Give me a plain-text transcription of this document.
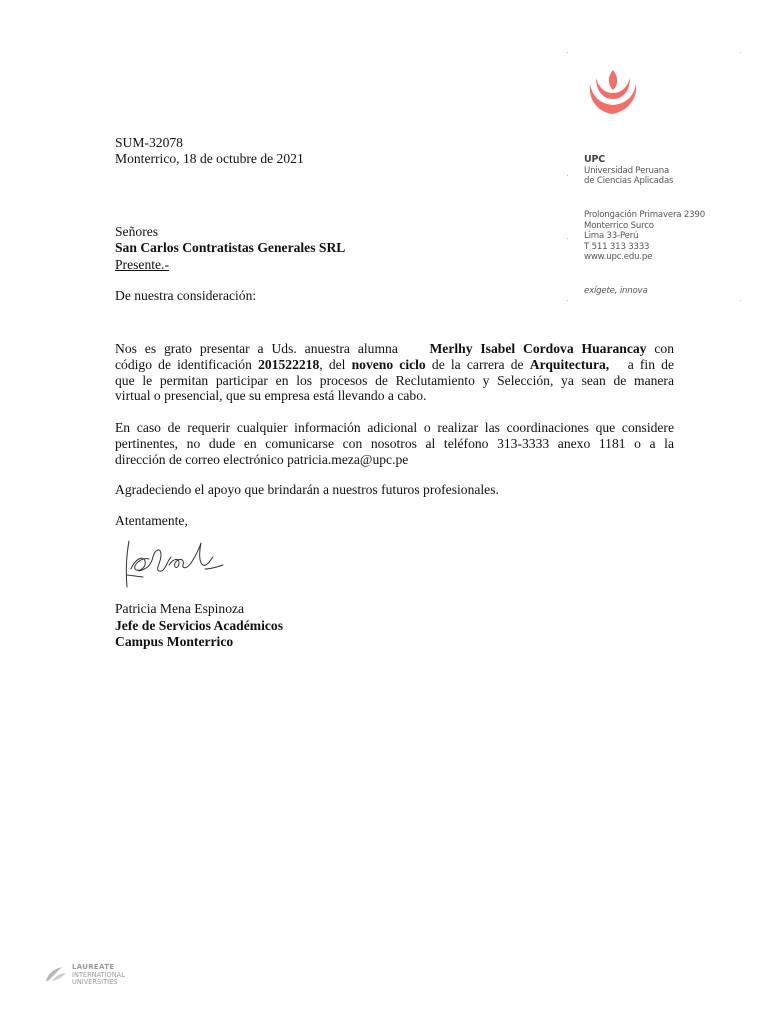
UPC
Universidad Peruana
de Ciencias Aplicadas
Prolongación Primavera 2390
Monterrico Surco
Lima 33-Perú
T 511 313 3333
www.upc.edu.pe
exígete, innova
SUM-32078
Monterrico, 18 de octubre de 2021
Señores
San Carlos Contratistas Generales SRL
Presente.-
De nuestra consideración:
Nos es grato presentar a Uds. anuestra alumna Merlhy Isabel Cordova Huarancay con
código de identificación 201522218, del noveno ciclo de la carrera de Arquitectura, a fin de
que le permitan participar en los procesos de Reclutamiento y Selección, ya sean de manera
virtual o presencial, que su empresa está llevando a cabo.
En caso de requerir cualquier información adicional o realizar las coordinaciones que considere
pertinentes, no dude en comunicarse con nosotros al teléfono 313-3333 anexo 1181 o a la
dirección de correo electrónico patricia.meza@upc.pe
Agradeciendo el apoyo que brindarán a nuestros futuros profesionales.
Atentamente,
Patricia Mena Espinoza
Jefe de Servicios Académicos
Campus Monterrico
LAUREATE
INTERNATIONAL
UNIVERSITIES
